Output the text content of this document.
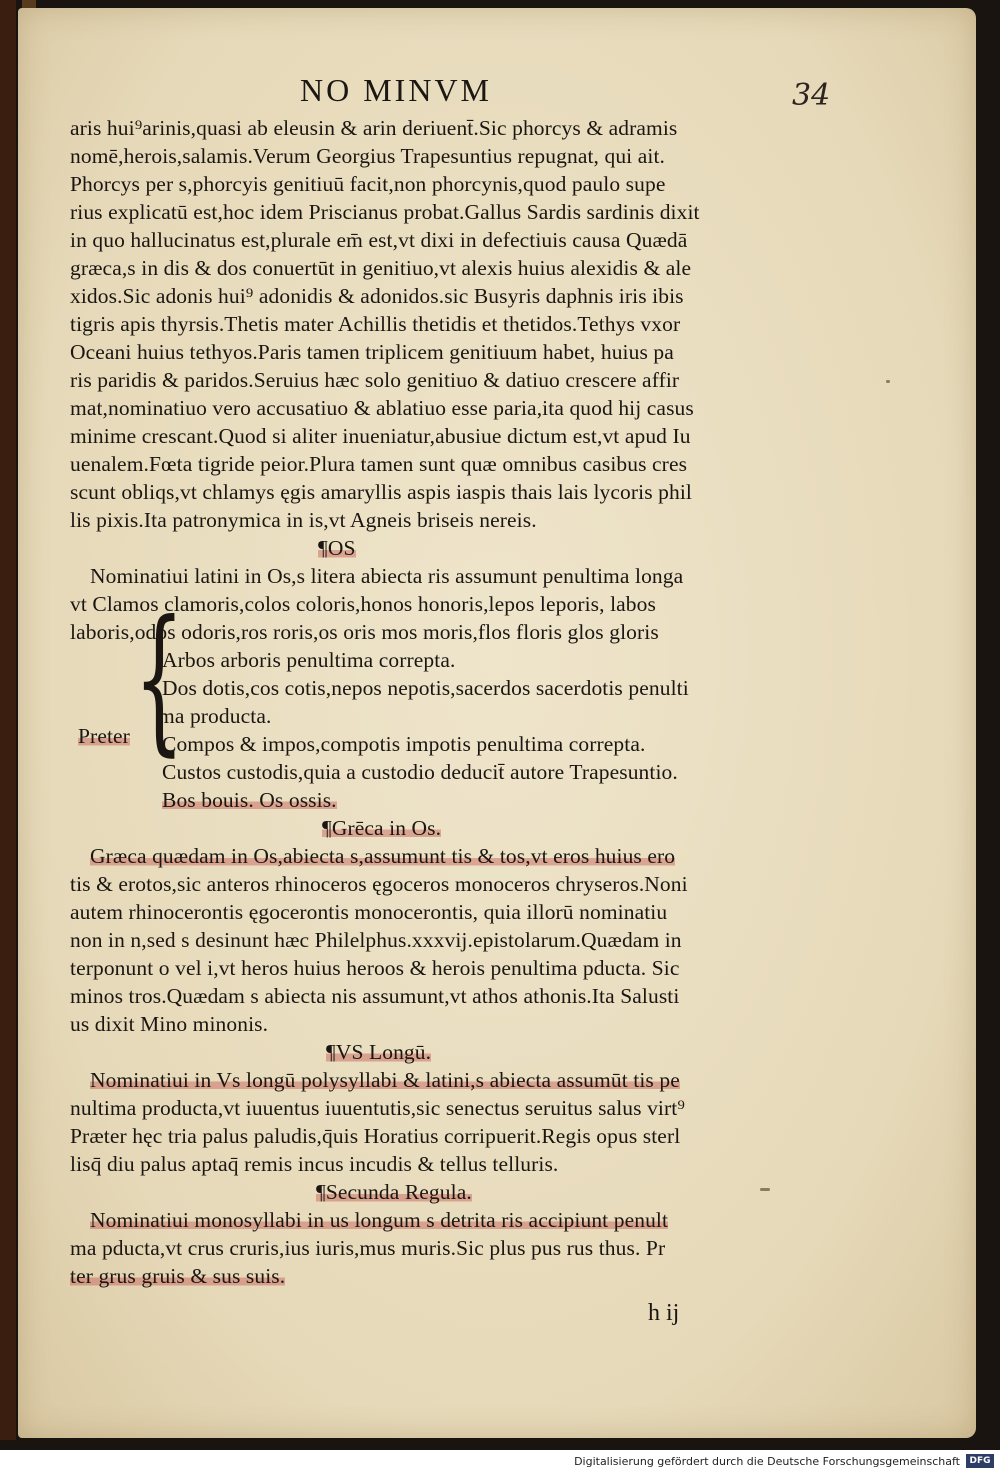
NO MINVM	34
aris hui⁹arinis,quasi ab eleusin & arin deriuent̄.Sic phorcys & adramis
nomē,herois,salamis.Verum Georgius Trapesuntius repugnat, qui ait.
Phorcys per s,phorcyis genitiuū facit,non phorcynis,quod paulo supe
rius explicatū est,hoc idem Priscianus probat.Gallus Sardis sardinis dixit
in quo hallucinatus est,plurale em̄ est,vt dixi in defectiuis causa Quædā
græca,s in dis & dos conuertūt in genitiuo,vt alexis huius alexidis & ale
xidos.Sic adonis hui⁹ adonidis & adonidos.sic Busyris daphnis iris ibis
tigris apis thyrsis.Thetis mater Achillis thetidis et thetidos.Tethys vxor
Oceani huius tethyos.Paris tamen triplicem genitiuum habet, huius pa
ris paridis & paridos.Seruius hæc solo genitiuo & datiuo crescere affir
mat,nominatiuo vero accusatiuo & ablatiuo esse paria,ita quod hij casus
minime crescant.Quod si aliter inueniatur,abusiue dictum est,vt apud Iu
uenalem.Fœta tigride peior.Plura tamen sunt quæ omnibus casibus cres
scunt obliqs,vt chlamys ęgis amaryllis aspis iaspis thais lais lycoris phil
lis pixis.Ita patronymica in is,vt Agneis briseis nereis.
¶OS
Nominatiui latini in Os,s litera abiecta ris assumunt penultima longa
vt Clamos clamoris,colos coloris,honos honoris,lepos leporis, labos
laboris,odos odoris,ros roris,os oris mos moris,flos floris glos gloris
{
Arbos arboris penultima correpta.
Dos dotis,cos cotis,nepos nepotis,sacerdos sacerdotis penulti
ma producta.
Preter Compos & impos,compotis impotis penultima correpta.
Custos custodis,quia a custodio deducit̄ autore Trapesuntio.
Bos bouis. Os ossis.
¶Grēca in Os.
Græca quædam in Os,abiecta s,assumunt tis & tos,vt eros huius ero
tis & erotos,sic anteros rhinoceros ęgoceros monoceros chryseros.Noni
autem rhinocerontis ęgocerontis monocerontis, quia illorū nominatiu
non in n,sed s desinunt hæc Philelphus.xxxvij.epistolarum.Quædam in
terponunt o vel i,vt heros huius heroos & herois penultima pducta. Sic
minos tros.Quædam s abiecta nis assumunt,vt athos athonis.Ita Salusti
us dixit Mino minonis.
¶VS Longū.
Nominatiui in Vs longū polysyllabi & latini,s abiecta assumūt tis pe
nultima producta,vt iuuentus iuuentutis,sic senectus seruitus salus virt⁹
Præter hęc tria palus paludis,q̄uis Horatius corripuerit.Regis opus sterl
lisq̄ diu palus aptaq̄ remis incus incudis & tellus telluris.
¶Secunda Regula.
Nominatiui monosyllabi in us longum s detrita ris accipiunt penult
ma pducta,vt crus cruris,ius iuris,mus muris.Sic plus pus rus thus. Pr
ter grus gruis & sus suis.
h ij
Digitalisierung gefördert durch die Deutsche Forschungsgemeinschaft	DFG
